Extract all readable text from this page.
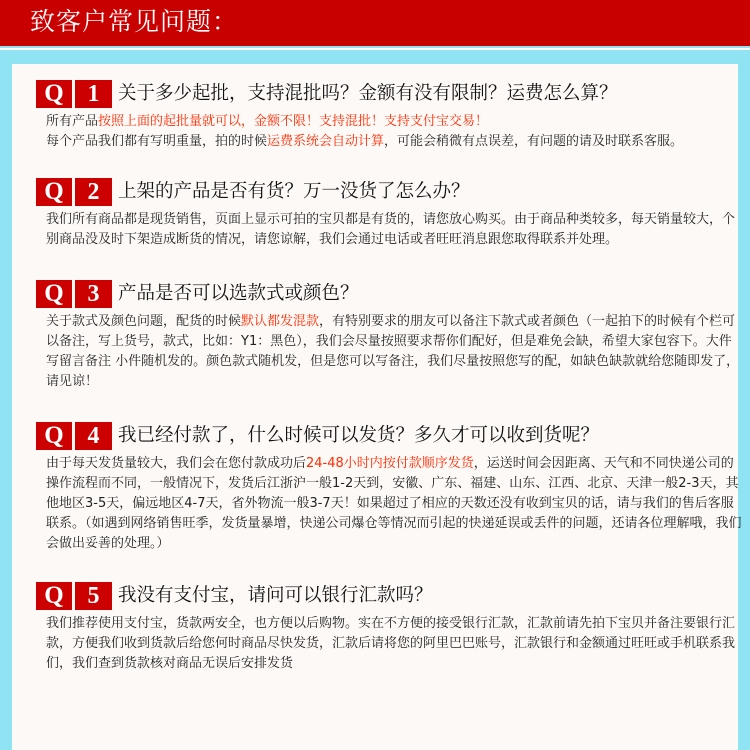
致客户常见问题：
Q 1	关于多少起批，支持混批吗？金额有没有限制？运费怎么算？

所有产品按照上面的起批量就可以，金额不限！支持混批！支持支付宝交易！

每个产品我们都有写明重量，拍的时候运费系统会自动计算，可能会稍微有点误差，有问题的请及时联系客服。

Q 2	上架的产品是否有货？万一没货了怎么办？

我们所有商品都是现货销售，页面上显示可拍的宝贝都是有货的，请您放心购买。由于商品种类较多，每天销量较大，个别商品没及时下架造成断货的情况，请您谅解，我们会通过电话或者旺旺消息跟您取得联系并处理。

Q 3	产品是否可以选款式或颜色？

关于款式及颜色问题，配货的时候默认都发混款，有特别要求的朋友可以备注下款式或者颜色（一起拍下的时候有个栏可以备注，写上货号，款式，比如：Y1：黑色），我们会尽量按照要求帮你们配好，但是难免会缺，希望大家包容下。大件写留言备注 小件随机发的。颜色款式随机发，但是您可以写备注，我们尽量按照您写的配，如缺色缺款就给您随即发了，请见谅！

Q 4	我已经付款了，什么时候可以发货？多久才可以收到货呢？

由于每天发货量较大，我们会在您付款成功后24-48小时内按付款顺序发货，运送时间会因距离、天气和不同快递公司的操作流程而不同，一般情况下，发货后江浙沪一般1-2天到，安徽、广东、福建、山东、江西、北京、天津一般2-3天，其他地区3-5天，偏远地区4-7天，省外物流一般3-7天！如果超过了相应的天数还没有收到宝贝的话，请与我们的售后客服联系。（如遇到网络销售旺季，发货量暴增，快递公司爆仓等情况而引起的快递延误或丢件的问题，还请各位理解哦，我们会做出妥善的处理。）

Q 5	我没有支付宝，请问可以银行汇款吗？

我们推荐使用支付宝，货款两安全，也方便以后购物。实在不方便的接受银行汇款，汇款前请先拍下宝贝并备注要银行汇款，方便我们收到货款后给您何时商品尽快发货，汇款后请将您的阿里巴巴账号，汇款银行和金额通过旺旺或手机联系我们，我们查到货款核对商品无误后安排发货
